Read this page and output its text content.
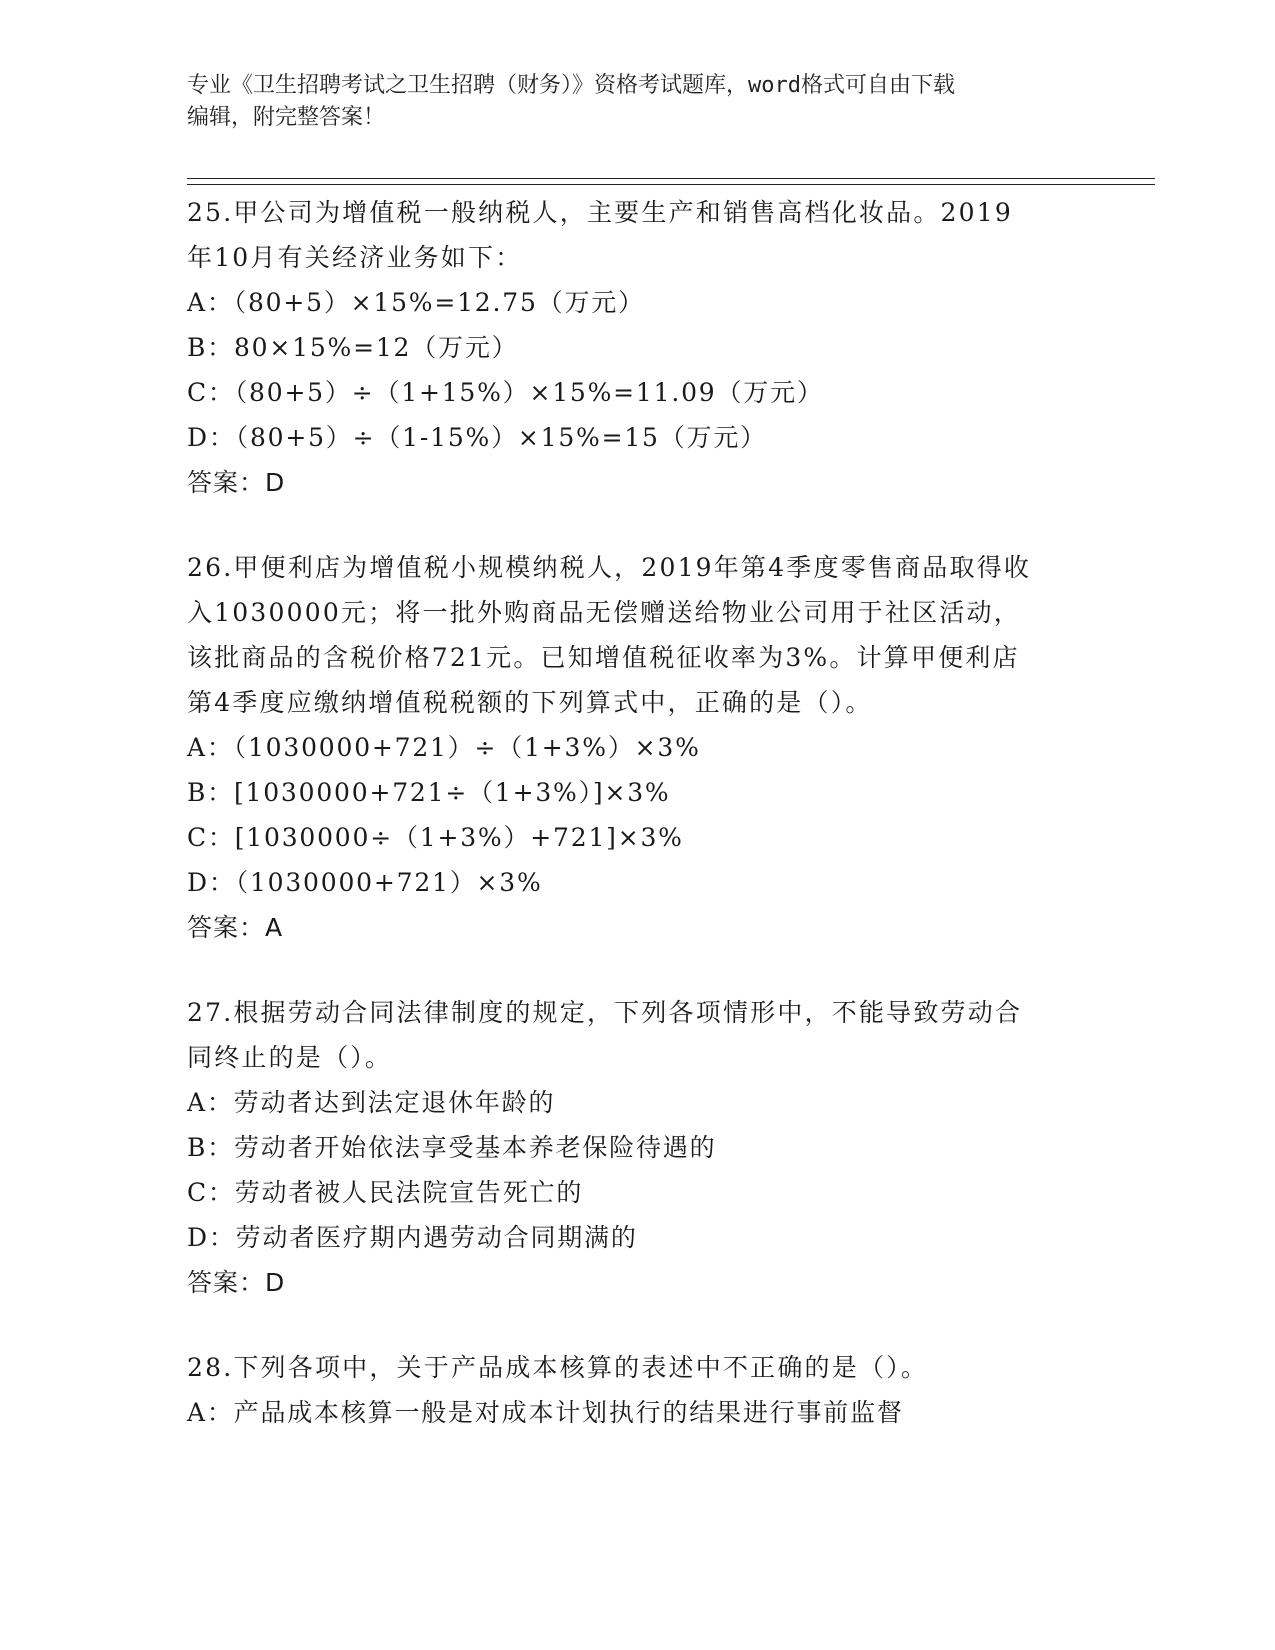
专业《卫生招聘考试之卫生招聘（财务）》资格考试题库，word格式可自由下载
编辑，附完整答案！

25.甲公司为增值税一般纳税人，主要生产和销售高档化妆品。2019
年10月有关经济业务如下：

A：（80+5）×15%=12.75（万元）

B：80×15%=12（万元）

C：（80+5）÷（1+15%）×15%=11.09（万元）

D：（80+5）÷（1-15%）×15%=15（万元）

答案：D

26.甲便利店为增值税小规模纳税人，2019年第4季度零售商品取得收
入1030000元；将一批外购商品无偿赠送给物业公司用于社区活动，
该批商品的含税价格721元。已知增值税征收率为3%。计算甲便利店
第4季度应缴纳增值税税额的下列算式中，正确的是（）。

A：（1030000+721）÷（1+3%）×3%

B：[1030000+721÷（1+3%）]×3%

C：[1030000÷（1+3%）+721]×3%

D：（1030000+721）×3%

答案：A

27.根据劳动合同法律制度的规定，下列各项情形中，不能导致劳动合
同终止的是（）。

A：劳动者达到法定退休年龄的

B：劳动者开始依法享受基本养老保险待遇的

C：劳动者被人民法院宣告死亡的

D：劳动者医疗期内遇劳动合同期满的

答案：D

28.下列各项中，关于产品成本核算的表述中不正确的是（）。

A：产品成本核算一般是对成本计划执行的结果进行事前监督
